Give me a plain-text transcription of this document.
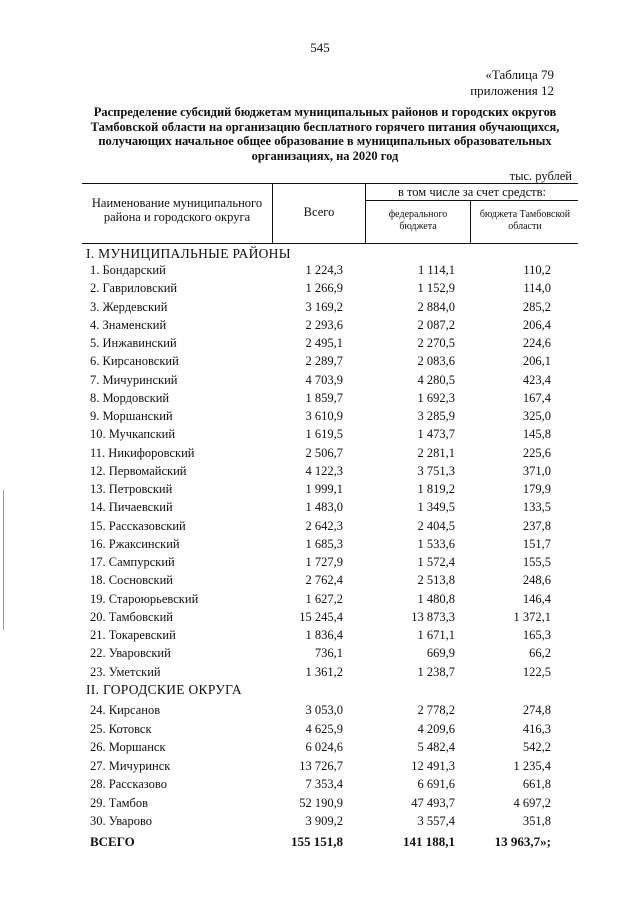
545
«Таблица 79
приложения 12
Распределение субсидий бюджетам муниципальных районов и городских округов Тамбовской области на организацию бесплатного горячего питания обучающихся, получающих начальное общее образование в муниципальных образовательных организациях, на 2020 год
тыс. рублей
Наименование муниципального района и городского округа	Всего
в том числе за счет средств:
федерального бюджета
бюджета Тамбовской области
I. МУНИЦИПАЛЬНЫЕ РАЙОНЫ
1. Бондарский	1 224,3	1 114,1	110,2
2. Гавриловский	1 266,9	1 152,9	114,0
3. Жердевский	3 169,2	2 884,0	285,2
4. Знаменский	2 293,6	2 087,2	206,4
5. Инжавинский	2 495,1	2 270,5	224,6
6. Кирсановский	2 289,7	2 083,6	206,1
7. Мичуринский	4 703,9	4 280,5	423,4
8. Мордовский	1 859,7	1 692,3	167,4
9. Моршанский	3 610,9	3 285,9	325,0
10. Мучкапский	1 619,5	1 473,7	145,8
11. Никифоровский	2 506,7	2 281,1	225,6
12. Первомайский	4 122,3	3 751,3	371,0
13. Петровский	1 999,1	1 819,2	179,9
14. Пичаевский	1 483,0	1 349,5	133,5
15. Рассказовский	2 642,3	2 404,5	237,8
16. Ржаксинский	1 685,3	1 533,6	151,7
17. Сампурский	1 727,9	1 572,4	155,5
18. Сосновский	2 762,4	2 513,8	248,6
19. Староюрьевский	1 627,2	1 480,8	146,4
20. Тамбовский	15 245,4	13 873,3	1 372,1
21. Токаревский	1 836,4	1 671,1	165,3
22. Уваровский	736,1	669,9	66,2
23. Уметский	1 361,2	1 238,7	122,5
II. ГОРОДСКИЕ ОКРУГА
24. Кирсанов	3 053,0	2 778,2	274,8
25. Котовск	4 625,9	4 209,6	416,3
26. Моршанск	6 024,6	5 482,4	542,2
27. Мичуринск	13 726,7	12 491,3	1 235,4
28. Рассказово	7 353,4	6 691,6	661,8
29. Тамбов	52 190,9	47 493,7	4 697,2
30. Уварово	3 909,2	3 557,4	351,8
ВСЕГО	155 151,8	141 188,1	13 963,7»;
